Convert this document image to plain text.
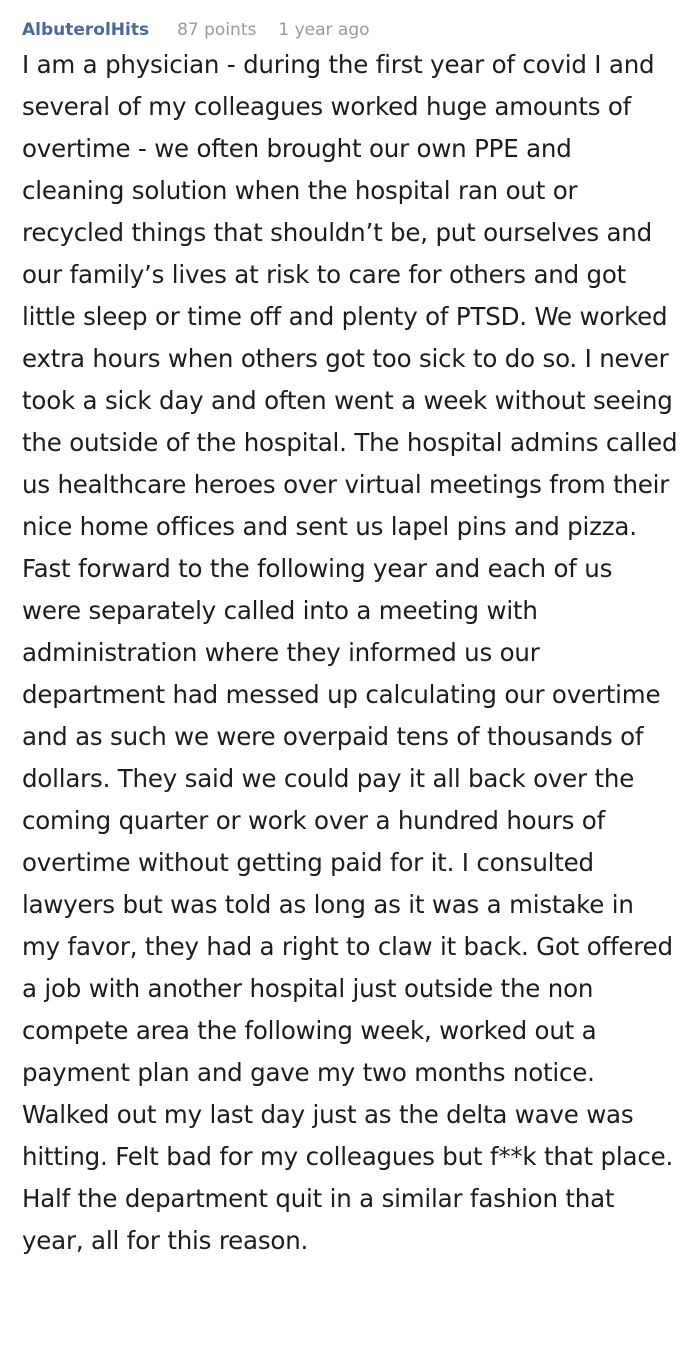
AlbuterolHits 87 points 1 year ago
I am a physician - during the first year of covid I and several of my colleagues worked huge amounts of overtime - we often brought our own PPE and cleaning solution when the hospital ran out or recycled things that shouldn’t be, put ourselves and our family’s lives at risk to care for others and got little sleep or time off and plenty of PTSD. We worked extra hours when others got too sick to do so. I never took a sick day and often went a week without seeing the outside of the hospital. The hospital admins called us healthcare heroes over virtual meetings from their nice home offices and sent us lapel pins and pizza. Fast forward to the following year and each of us were separately called into a meeting with administration where they informed us our department had messed up calculating our overtime and as such we were overpaid tens of thousands of dollars. They said we could pay it all back over the coming quarter or work over a hundred hours of overtime without getting paid for it. I consulted lawyers but was told as long as it was a mistake in my favor, they had a right to claw it back. Got offered a job with another hospital just outside the non compete area the following week, worked out a payment plan and gave my two months notice. Walked out my last day just as the delta wave was hitting. Felt bad for my colleagues but f**k that place. Half the department quit in a similar fashion that year, all for this reason.
